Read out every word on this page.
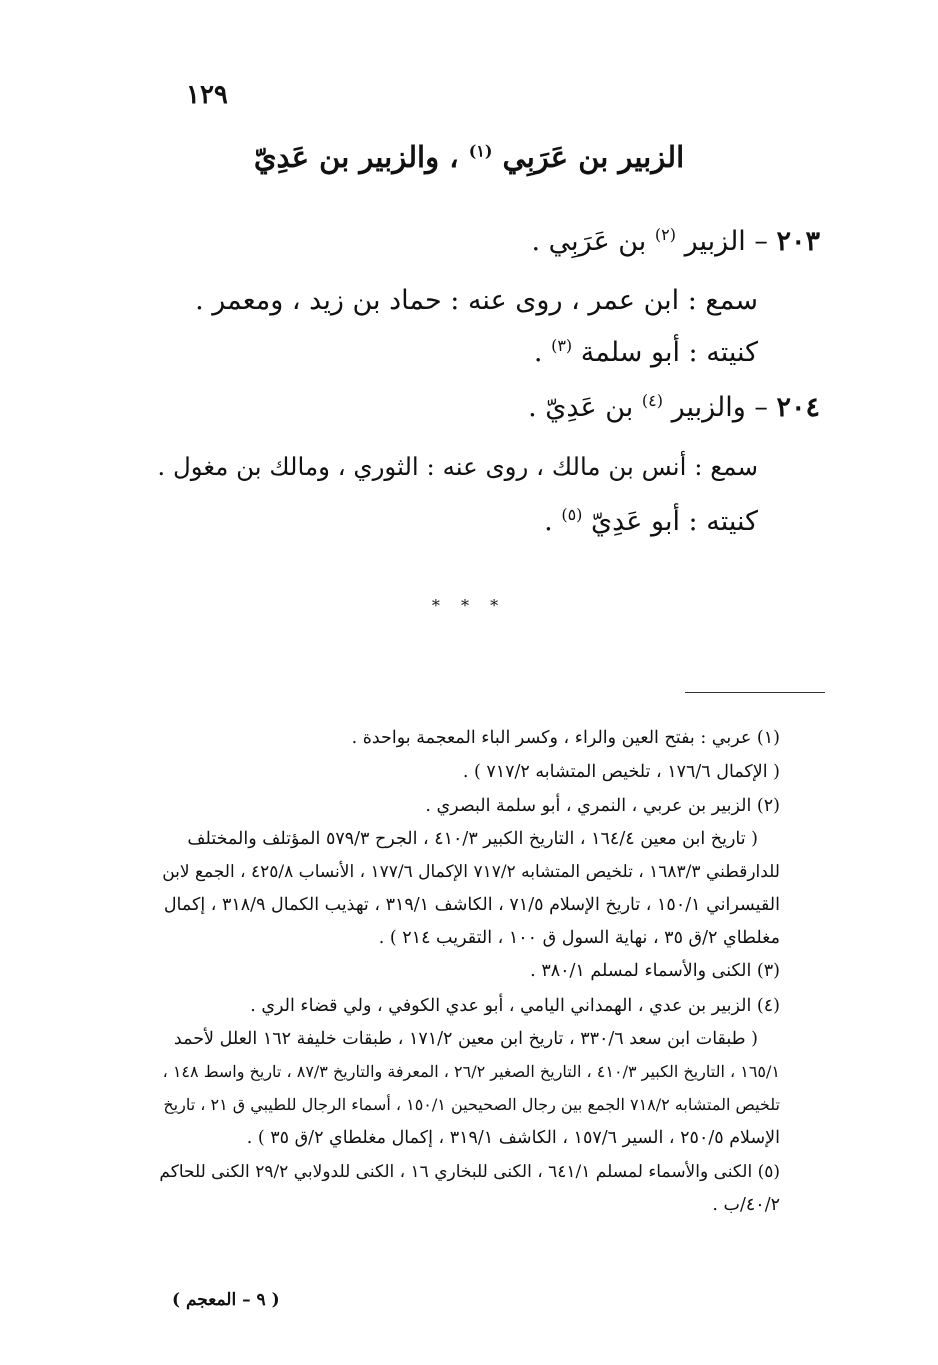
١٢٩
الزبير بن عَرَبِي $^{(١)}$ ، والزبير بن عَدِيّ
٢٠٣ – الزبير $^{(٢)}$ بن عَرَبِي .
سمع : ابن عمر ، روى عنه : حماد بن زيد ، ومعمر .
كنيته : أبو سلمة $^{(٣)}$ .
٢٠٤ – والزبير $^{(٤)}$ بن عَدِيّ .
سمع : أنس بن مالك ، روى عنه : الثوري ، ومالك بن مغول .
كنيته : أبو عَدِيّ $^{(٥)}$ .
* * *
(١) عربي : بفتح العين والراء ، وكسر الباء المعجمة بواحدة .
( الإكمال ١٧٦/٦ ، تلخيص المتشابه ٧١٧/٢ ) .
(٢) الزبير بن عربي ، النمري ، أبو سلمة البصري .
( تاريخ ابن معين ١٦٤/٤ ، التاريخ الكبير ٤١٠/٣ ، الجرح ٥٧٩/٣ المؤتلف والمختلف
للدارقطني ١٦٨٣/٣ ، تلخيص المتشابه ٧١٧/٢ الإكمال ١٧٧/٦ ، الأنساب ٤٢٥/٨ ، الجمع لابن
القيسراني ١٥٠/١ ، تاريخ الإسلام ٧١/٥ ، الكاشف ٣١٩/١ ، تهذيب الكمال ٣١٨/٩ ، إكمال
مغلطاي ٢/ق ٣٥ ، نهاية السول ق ١٠٠ ، التقريب ٢١٤ ) .
(٣) الكنى والأسماء لمسلم ٣٨٠/١ .
(٤) الزبير بن عدي ، الهمداني اليامي ، أبو عدي الكوفي ، ولي قضاء الري .
( طبقات ابن سعد ٣٣٠/٦ ، تاريخ ابن معين ١٧١/٢ ، طبقات خليفة ١٦٢ العلل لأحمد
١٦٥/١ ، التاريخ الكبير ٤١٠/٣ ، التاريخ الصغير ٢٦/٢ ، المعرفة والتاريخ ٨٧/٣ ، تاريخ واسط ١٤٨ ،
تلخيص المتشابه ٧١٨/٢ الجمع بين رجال الصحيحين ١٥٠/١ ، أسماء الرجال للطيبي ق ٢١ ، تاريخ
الإسلام ٢٥٠/٥ ، السير ١٥٧/٦ ، الكاشف ٣١٩/١ ، إكمال مغلطاي ٢/ق ٣٥ ) .
(٥) الكنى والأسماء لمسلم ٦٤١/١ ، الكنى للبخاري ١٦ ، الكنى للدولابي ٢٩/٢ الكنى للحاكم
٤٠/٢/ب .
( ٩ – المعجم )
